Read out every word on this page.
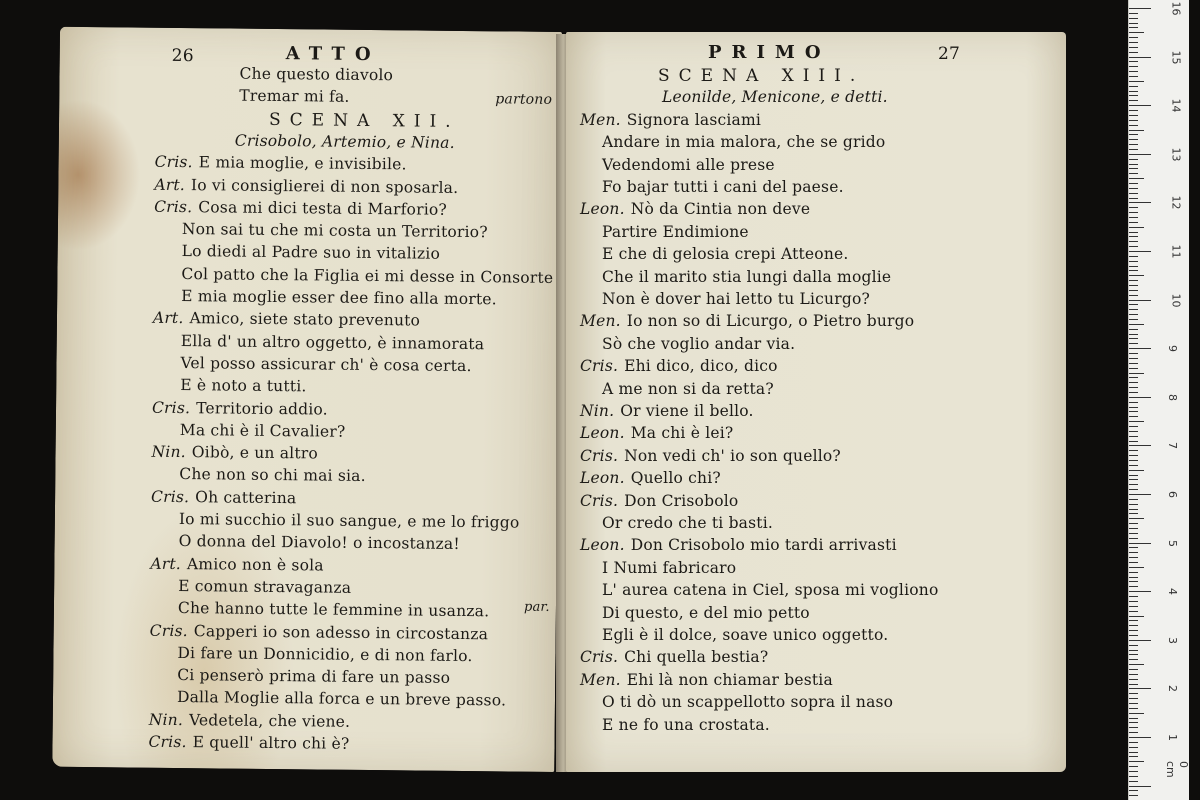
26	ATTO
Che questo diavolo
Tremar mi fa.
SCENA XII.
Crisobolo, Artemio, e Nina.
Cris. E mia moglie, e invisibile.
Art. Io vi consiglierei di non sposarla.
Cris. Cosa mi dici testa di Marforio?
Non sai tu che mi costa un Territorio?
Lo diedi al Padre suo in vitalizio
Col patto che la Figlia ei mi desse in Consorte
E mia moglie esser dee fino alla morte.
Art. Amico, siete stato prevenuto
Ella d' un altro oggetto, è innamorata
Vel posso assicurar ch' è cosa certa.
E è noto a tutti.
Cris. Territorio addio.
Ma chi è il Cavalier?
Nin. Oibò, e un altro
Che non so chi mai sia.
Cris. Oh catterina
Io mi succhio il suo sangue, e me lo friggo
O donna del Diavolo! o incostanza!
Art. Amico non è sola
E comun stravaganza
Che hanno tutte le femmine in usanza.
Cris. Capperi io son adesso in circostanza
Di fare un Donnicidio, e di non farlo.
Ci penserò prima di fare un passo
Dalla Moglie alla forca e un breve passo.
Nin. Vedetela, che viene.
Cris. E quell' altro chi è?
partono
par.
PRIMO	27
SCENA XIII.
Leonilde, Menicone, e detti.
Men. Signora lasciami
Andare in mia malora, che se grido
Vedendomi alle prese
Fo bajar tutti i cani del paese.
Leon. Nò da Cintia non deve
Partire Endimione
E che di gelosia crepi Atteone.
Che il marito stia lungi dalla moglie
Non è dover hai letto tu Licurgo?
Men. Io non so di Licurgo, o Pietro burgo
Sò che voglio andar via.
Cris. Ehi dico, dico, dico
A me non si da retta?
Nin. Or viene il bello.
Leon. Ma chi è lei?
Cris. Non vedi ch' io son quello?
Leon. Quello chi?
Cris. Don Crisobolo
Or credo che ti basti.
Leon. Don Crisobolo mio tardi arrivasti
I Numi fabricaro
L' aurea catena in Ciel, sposa mi vogliono
Di questo, e del mio petto
Egli è il dolce, soave unico oggetto.
Cris. Chi quella bestia?
Men. Ehi là non chiamar bestia
O ti dò un scappellotto sopra il naso
E ne fo una crostata.
0 cm
16
15
14
13
12
11
10
9
8
7
6
5
4
3
2
1
